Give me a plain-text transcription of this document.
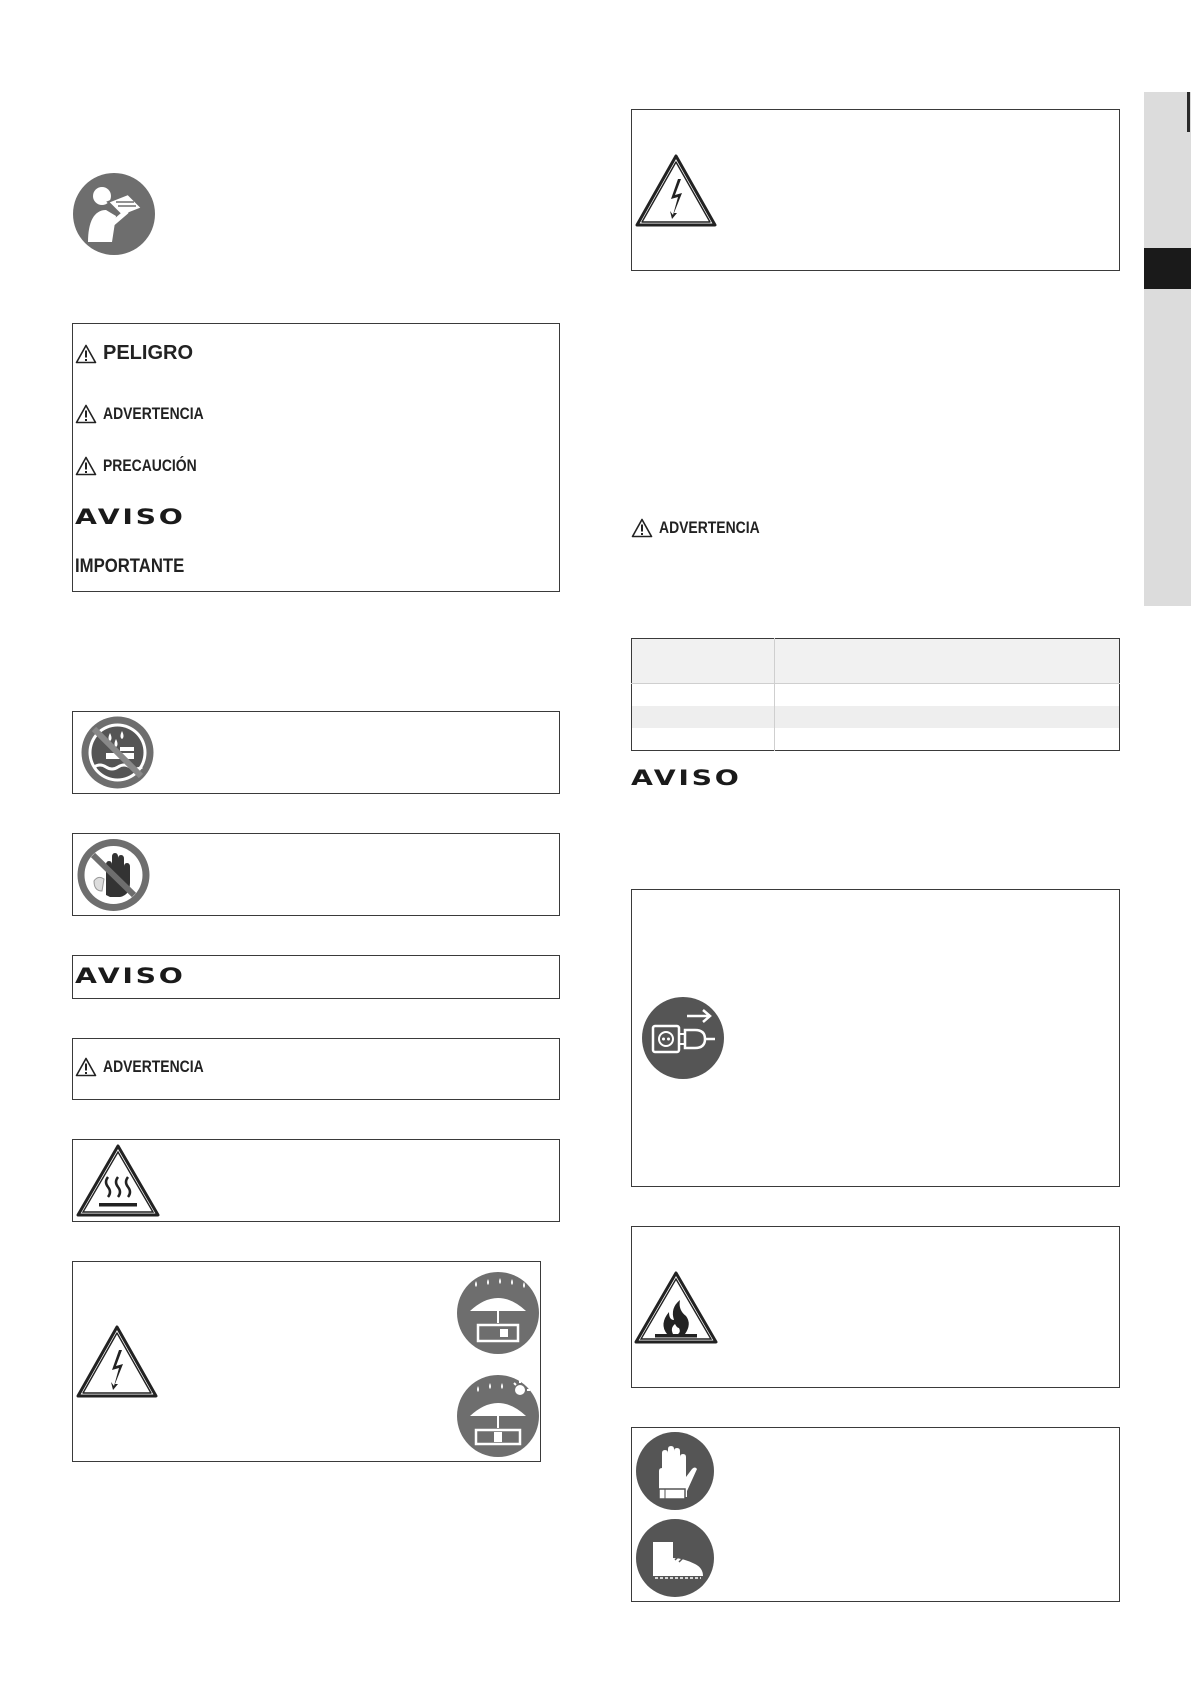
PELIGRO
ADVERTENCIA
PRECAUCIÓN
AVISO
IMPORTANTE
AVISO
ADVERTENCIA
ADVERTENCIA

AVISO
